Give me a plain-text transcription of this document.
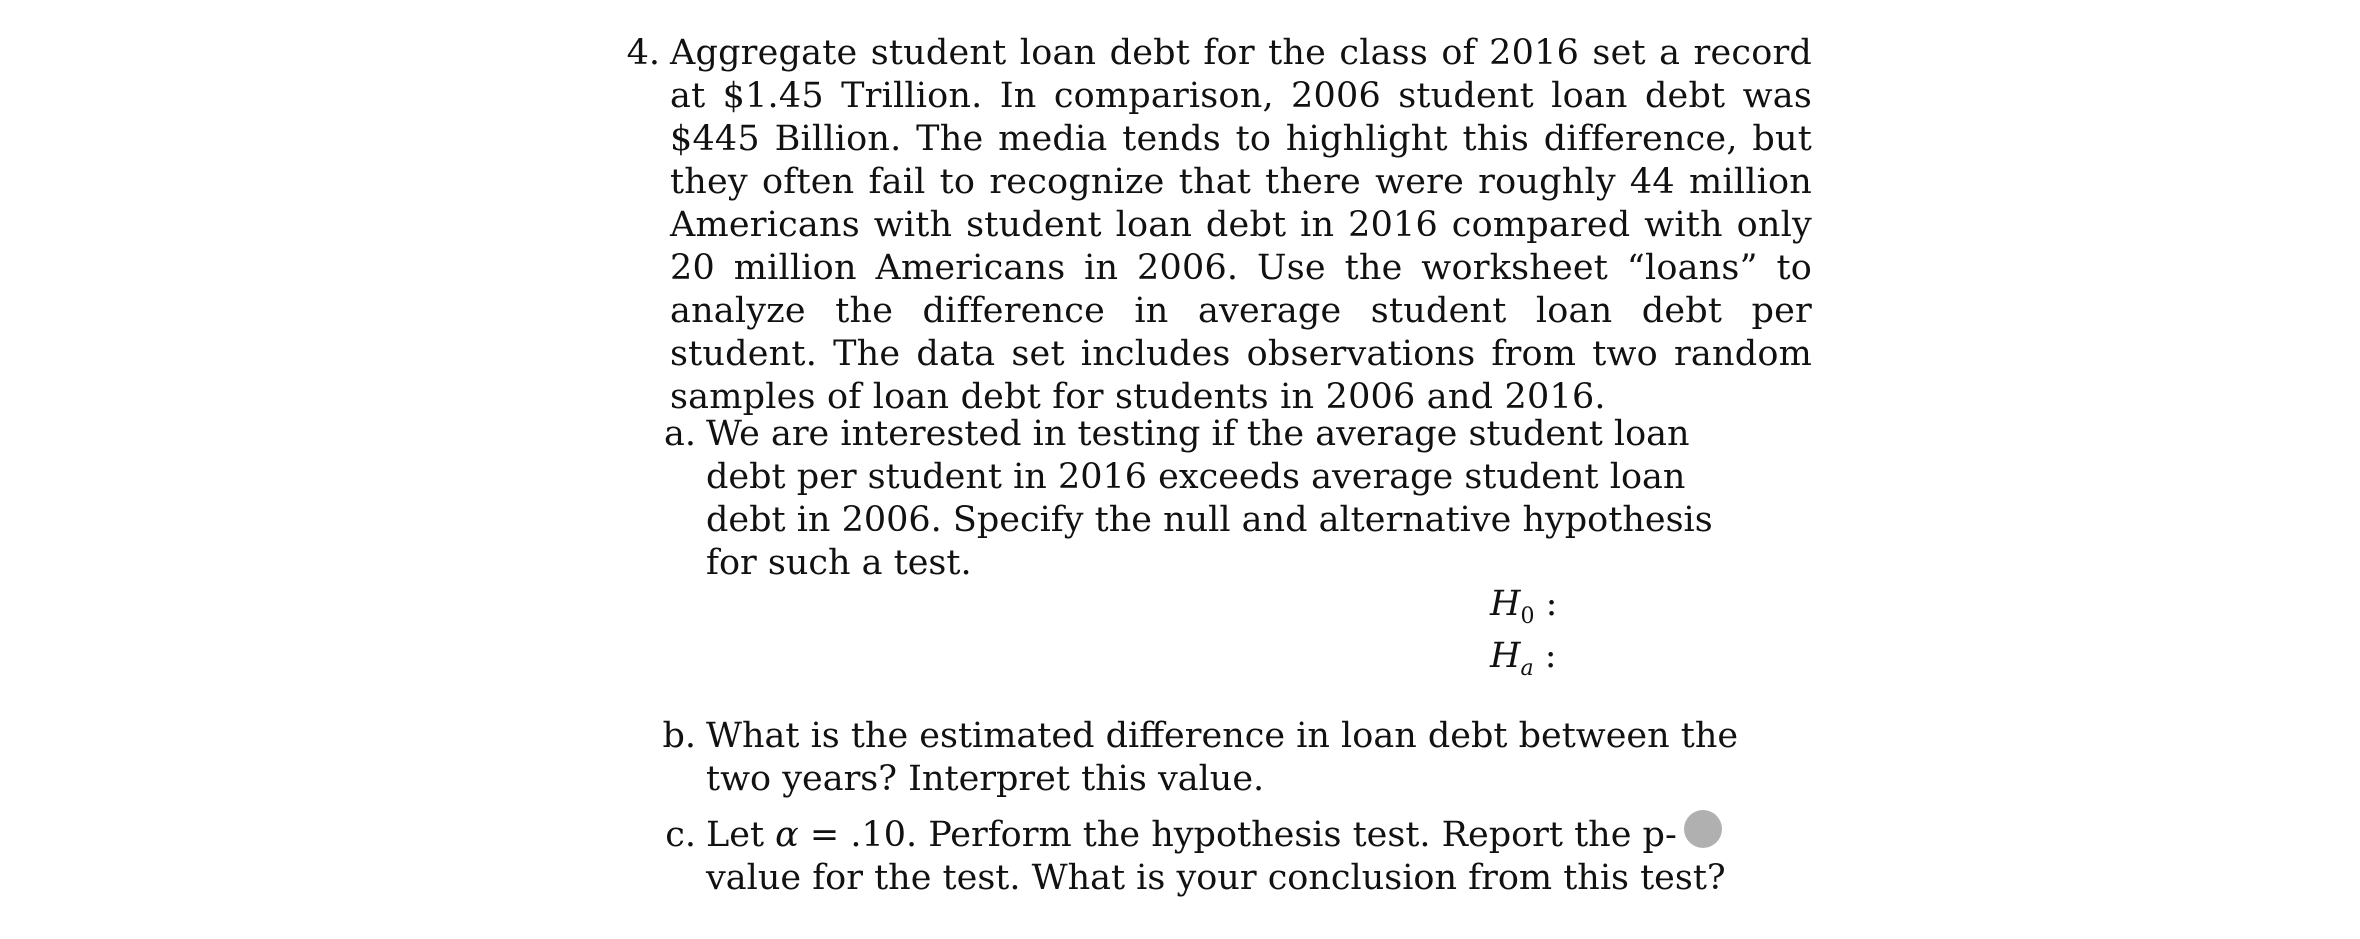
4. Aggregate student loan debt for the class of 2016 set a record at $1.45 Trillion. In comparison, 2006 student loan debt was $445 Billion. The media tends to highlight this difference, but they often fail to recognize that there were roughly 44 million Americans with student loan debt in 2016 compared with only 20 million Americans in 2006. Use the worksheet “loans” to analyze the difference in average student loan debt per student. The data set includes observations from two random samples of loan debt for students in 2006 and 2016.
a. We are interested in testing if the average student loan debt per student in 2016 exceeds average student loan debt in 2006. Specify the null and alternative hypothesis for such a test.
$H_0$ :
$H_a$ :
b. What is the estimated difference in loan debt between the two years? Interpret this value.
c. Let α = .10. Perform the hypothesis test. Report the p-value for the test. What is your conclusion from this test?
